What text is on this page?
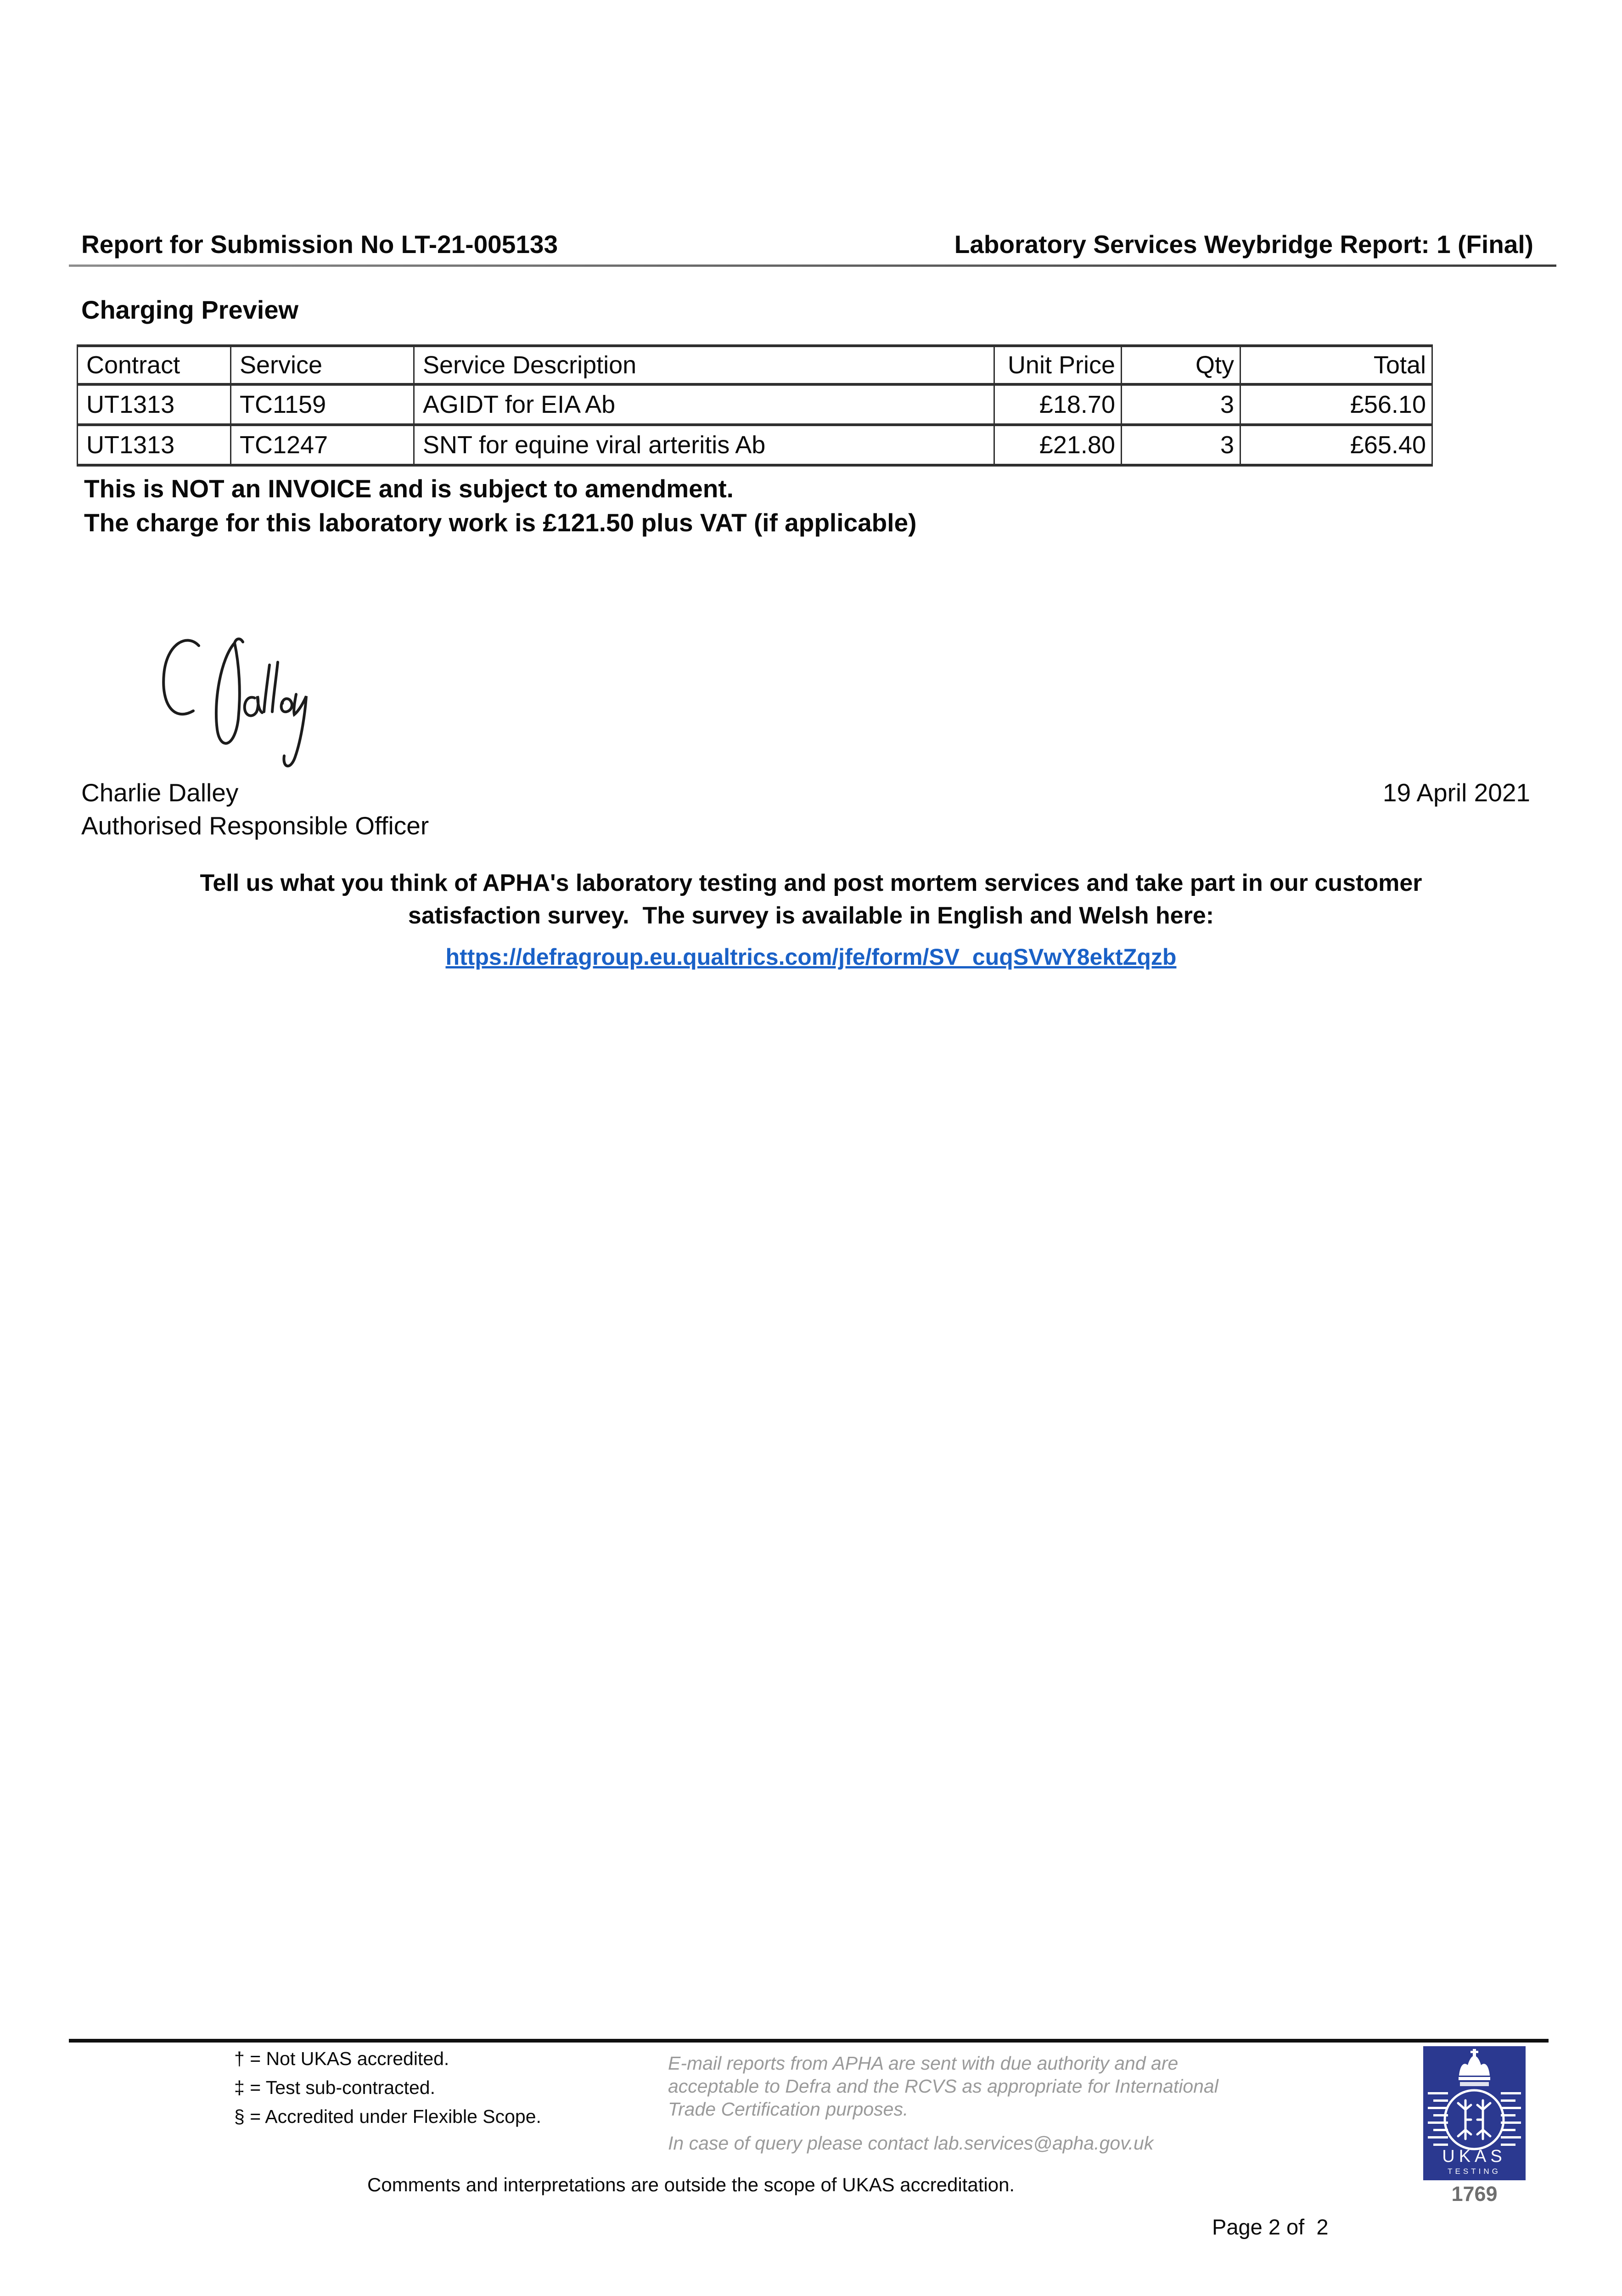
Report for Submission No LT-21-005133	Laboratory Services Weybridge Report: 1 (Final)
Charging Preview
Contract	Service	Service Description	Unit Price	Qty	Total
UT1313	TC1159	AGIDT for EIA Ab	£18.70	3	£56.10
UT1313	TC1247	SNT for equine viral arteritis Ab	£21.80	3	£65.40
This is NOT an INVOICE and is subject to amendment.
The charge for this laboratory work is £121.50 plus VAT (if applicable)
Charlie Dalley
Authorised Responsible Officer
19 April 2021
Tell us what you think of APHA's laboratory testing and post mortem services and take part in our customer
satisfaction survey.  The survey is available in English and Welsh here:
https://defragroup.eu.qualtrics.com/jfe/form/SV_cuqSVwY8ektZqzb
† = Not UKAS accredited.
‡ = Test sub-contracted.
§ = Accredited under Flexible Scope.
E-mail reports from APHA are sent with due authority and are
acceptable to Defra and the RCVS as appropriate for International
Trade Certification purposes.
In case of query please contact lab.services@apha.gov.uk
Comments and interpretations are outside the scope of UKAS accreditation.
Page 2 of  2
UKAS
TESTING
1769
